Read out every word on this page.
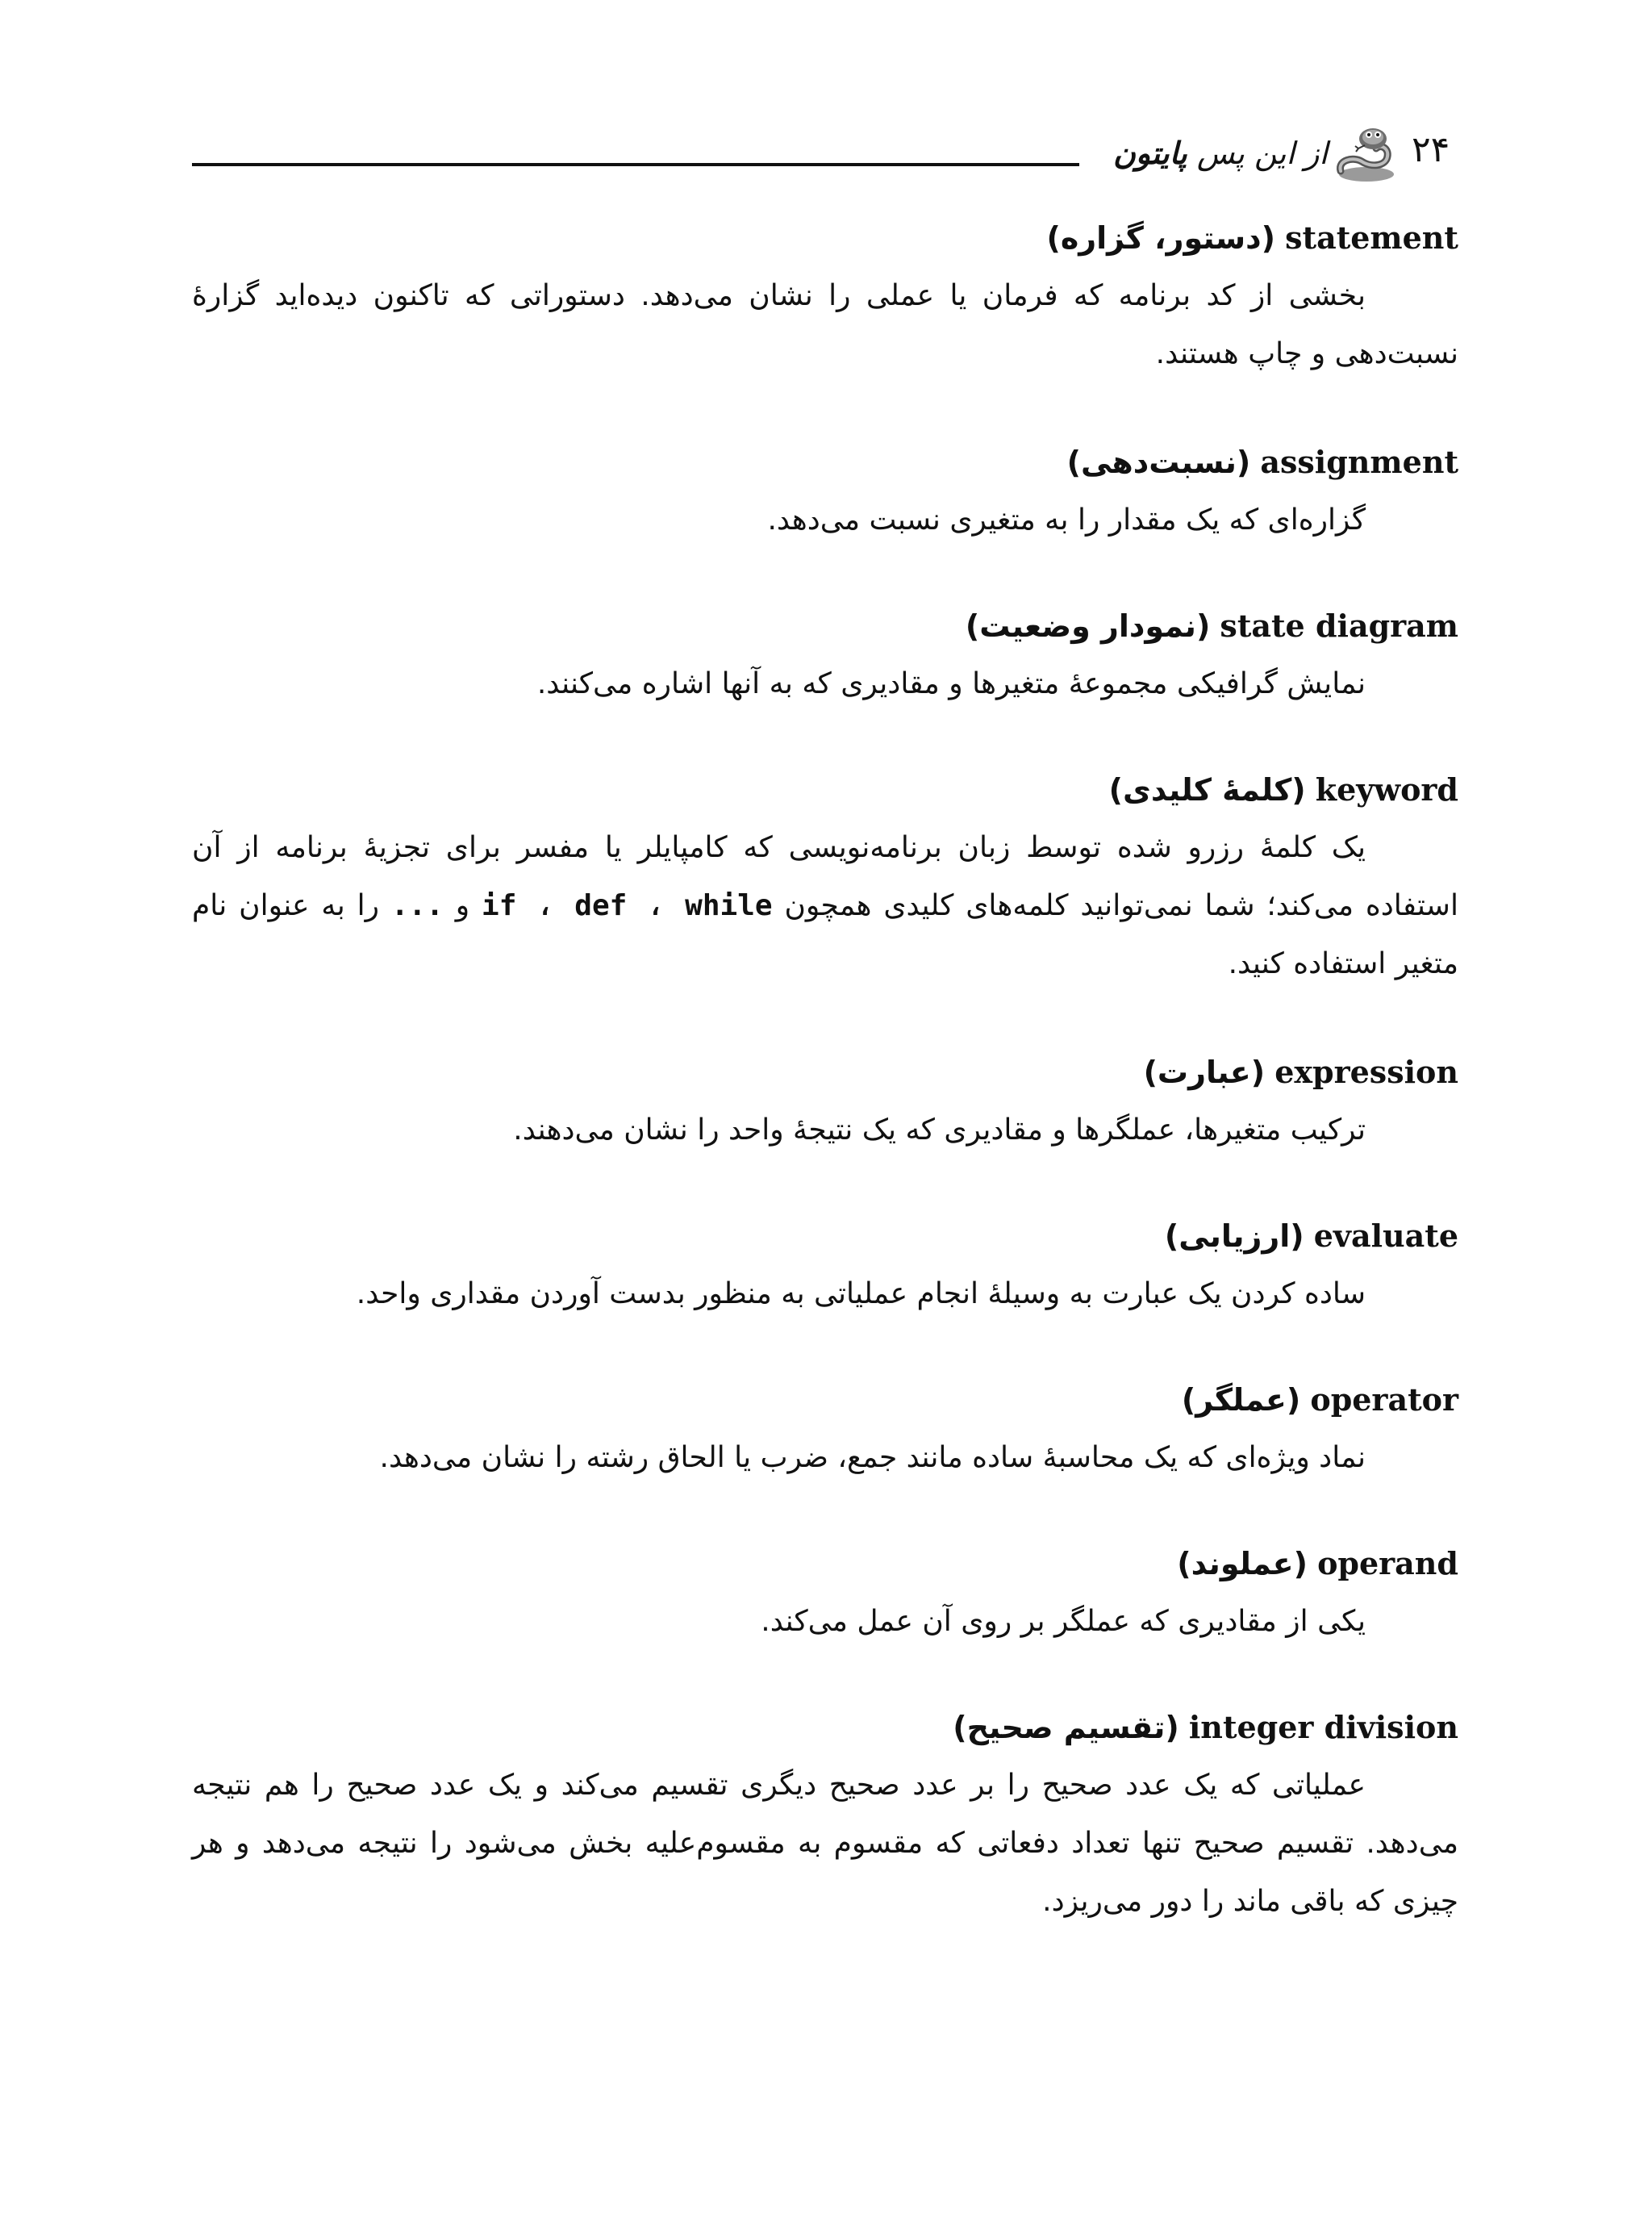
از این پس پایتون	۲۴
statement (دستور، گزاره)

بخشی از کد برنامه که فرمان یا عملی را نشان می‌دهد. دستوراتی که تاکنون دیده‌اید گزارهٔ نسبت‌دهی و چاپ هستند.

assignment (نسبت‌دهی)

گزاره‌ای که یک مقدار را به متغیری نسبت می‌دهد.

state diagram (نمودار وضعیت)

نمایش گرافیکی مجموعهٔ متغیرها و مقادیری که به آنها اشاره می‌کنند.

keyword (کلمهٔ کلیدی)

یک کلمهٔ رزرو شده توسط زبان برنامه‌نویسی که کامپایلر یا مفسر برای تجزیهٔ برنامه از آن استفاده می‌کند؛ شما نمی‌توانید کلمه‌های کلیدی همچون if ، def ، while و ... را به عنوان نام متغیر استفاده کنید.

expression (عبارت)

ترکیب متغیرها، عملگرها و مقادیری که یک نتیجهٔ واحد را نشان می‌دهند.

evaluate (ارزیابی)

ساده کردن یک عبارت به وسیلهٔ انجام عملیاتی به منظور بدست آوردن مقداری واحد.

operator (عملگر)

نماد ویژه‌ای که یک محاسبهٔ ساده مانند جمع، ضرب یا الحاق رشته را نشان می‌دهد.

operand (عملوند)

یکی از مقادیری که عملگر بر روی آن عمل می‌کند.

integer division (تقسیم صحیح)

عملیاتی که یک عدد صحیح را بر عدد صحیح دیگری تقسیم می‌کند و یک عدد صحیح را هم نتیجه می‌دهد. تقسیم صحیح تنها تعداد دفعاتی که مقسوم به مقسوم‌علیه بخش می‌شود را نتیجه می‌دهد و هر چیزی که باقی ماند را دور می‌ریزد.
